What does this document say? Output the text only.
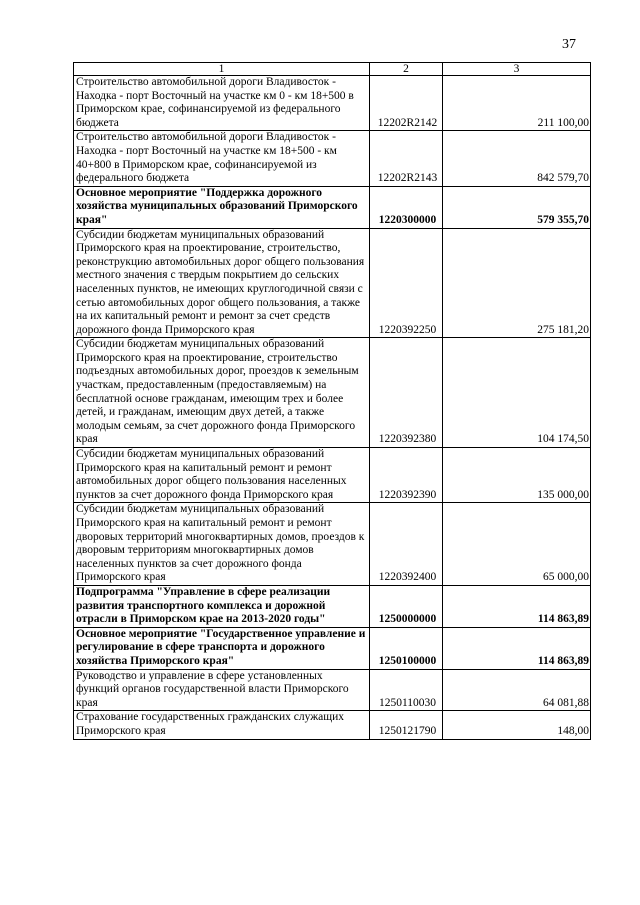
37
1	2	3
Строительство автомобильной дороги Владивосток - Находка - порт Восточный на участке км 0 - км 18+500 в Приморском крае, софинансируемой из федерального бюджета	12202R2142	211 100,00
Строительство автомобильной дороги Владивосток - Находка - порт Восточный на участке км 18+500 - км 40+800 в Приморском крае, софинансируемой из федерального бюджета	12202R2143	842 579,70
Основное мероприятие "Поддержка дорожного хозяйства муниципальных образований Приморского края"	1220300000	579 355,70
Субсидии бюджетам муниципальных образований Приморского края на проектирование, строительство, реконструкцию автомобильных дорог общего пользования местного значения с твердым покрытием до сельских населенных пунктов, не имеющих круглогодичной связи с сетью автомобильных дорог общего пользования, а также на их капитальный ремонт и ремонт за счет средств дорожного фонда Приморского края	1220392250	275 181,20
Субсидии бюджетам муниципальных образований Приморского края на проектирование, строительство подъездных автомобильных дорог, проездов к земельным участкам, предоставленным (предоставляемым) на бесплатной основе гражданам, имеющим трех и более детей, и гражданам, имеющим двух детей, а также молодым семьям, за счет дорожного фонда Приморского края	1220392380	104 174,50
Субсидии бюджетам муниципальных образований Приморского края на капитальный ремонт и ремонт автомобильных дорог общего пользования населенных пунктов за счет дорожного фонда Приморского края	1220392390	135 000,00
Субсидии бюджетам муниципальных образований Приморского края на капитальный ремонт и ремонт дворовых территорий многоквартирных домов, проездов к дворовым территориям многоквартирных домов населенных пунктов за счет дорожного фонда Приморского края	1220392400	65 000,00
Подпрограмма "Управление в сфере реализации развития транспортного комплекса и дорожной отрасли в Приморском крае на 2013-2020 годы"	1250000000	114 863,89
Основное мероприятие "Государственное управление и регулирование в сфере транспорта и дорожного хозяйства Приморского края"	1250100000	114 863,89
Руководство и управление в сфере установленных функций органов государственной власти Приморского края	1250110030	64 081,88
Страхование государственных гражданских служащих Приморского края	1250121790	148,00
